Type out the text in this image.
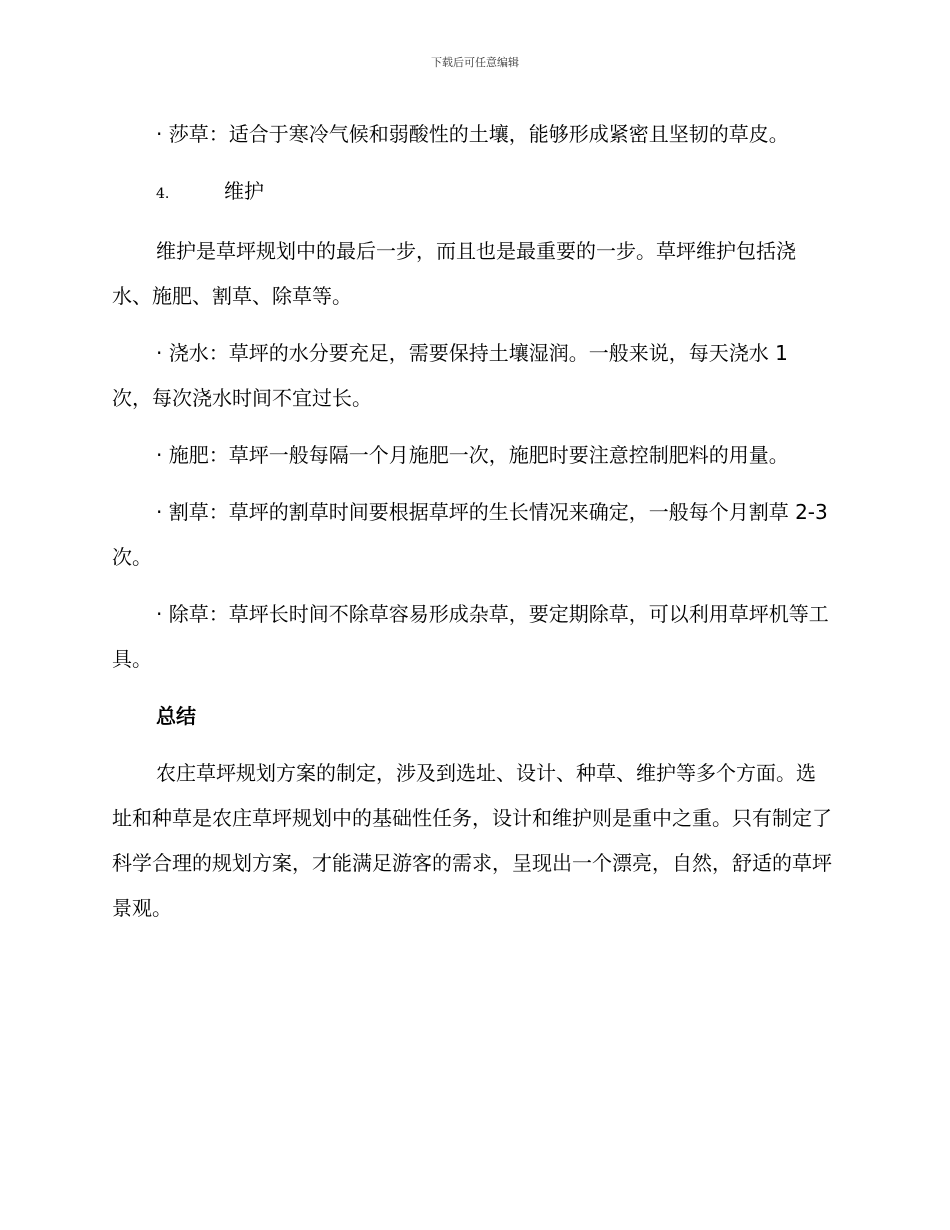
下载后可任意编辑

· 莎草：适合于寒冷气候和弱酸性的土壤，能够形成紧密且坚韧的草皮。

4.	维护

维护是草坪规划中的最后一步，而且也是最重要的一步。草坪维护包括浇水、施肥、割草、除草等。

· 浇水：草坪的水分要充足，需要保持土壤湿润。一般来说，每天浇水 1 次，每次浇水时间不宜过长。

· 施肥：草坪一般每隔一个月施肥一次，施肥时要注意控制肥料的用量。

· 割草：草坪的割草时间要根据草坪的生长情况来确定，一般每个月割草 2-3 次。

· 除草：草坪长时间不除草容易形成杂草，要定期除草，可以利用草坪机等工具。

总结

农庄草坪规划方案的制定，涉及到选址、设计、种草、维护等多个方面。选址和种草是农庄草坪规划中的基础性任务，设计和维护则是重中之重。只有制定了科学合理的规划方案，才能满足游客的需求，呈现出一个漂亮，自然，舒适的草坪景观。
